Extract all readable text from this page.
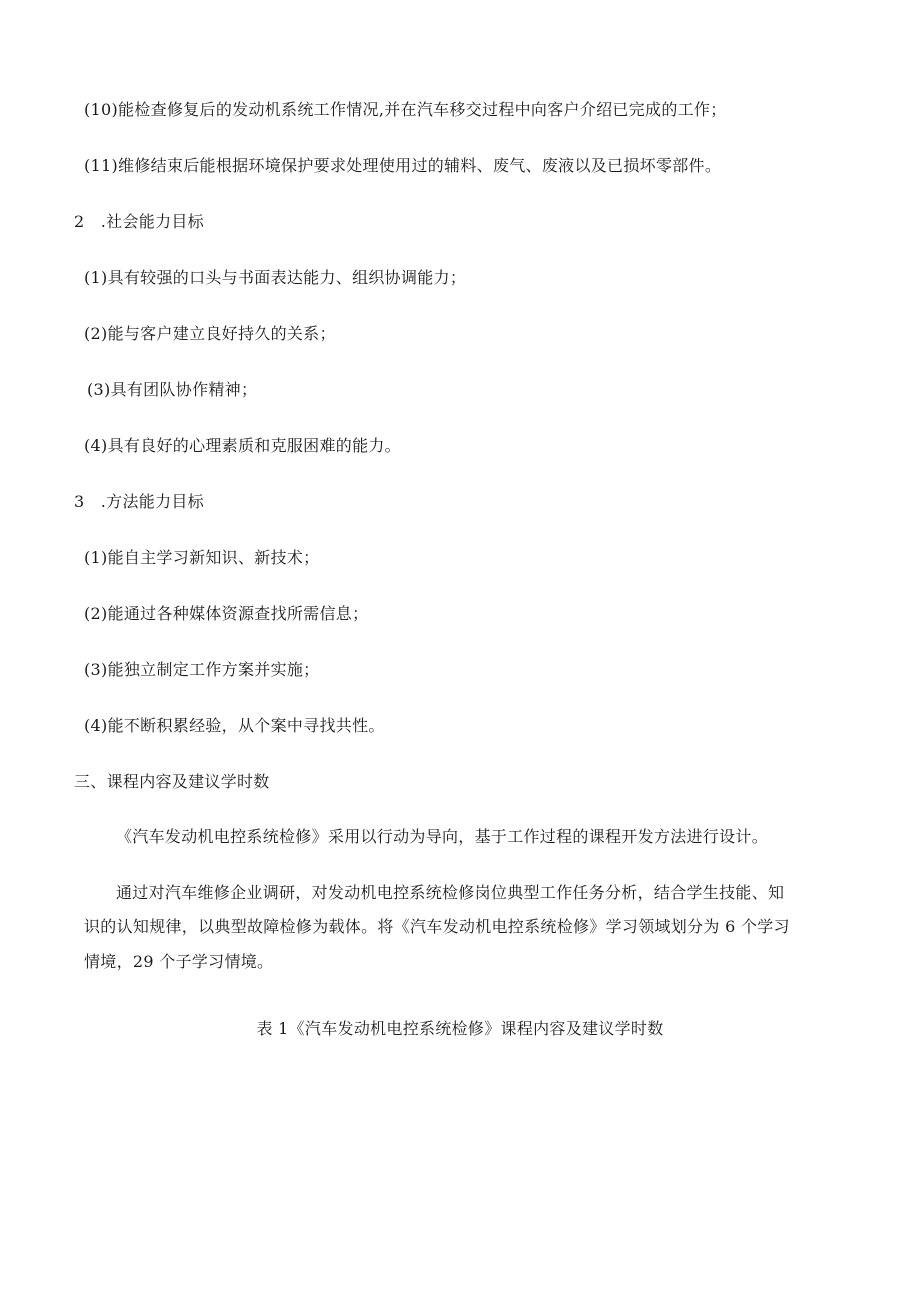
(10)能检查修复后的发动机系统工作情况,并在汽车移交过程中向客户介绍已完成的工作；
(11)维修结束后能根据环境保护要求处理使用过的辅料、废气、废液以及已损坏零部件。
2　.社会能力目标
(1)具有较强的口头与书面表达能力、组织协调能力；
(2)能与客户建立良好持久的关系；
(3)具有团队协作精神；
(4)具有良好的心理素质和克服困难的能力。
3　.方法能力目标
(1)能自主学习新知识、新技术；
(2)能通过各种媒体资源查找所需信息；
(3)能独立制定工作方案并实施；
(4)能不断积累经验，从个案中寻找共性。
三、课程内容及建议学时数
《汽车发动机电控系统检修》采用以行动为导向，基于工作过程的课程开发方法进行设计。
通过对汽车维修企业调研，对发动机电控系统检修岗位典型工作任务分析，结合学生技能、知
识的认知规律，以典型故障检修为载体。将《汽车发动机电控系统检修》学习领域划分为 6 个学习
情境，29 个子学习情境。
表 1《汽车发动机电控系统检修》课程内容及建议学时数
